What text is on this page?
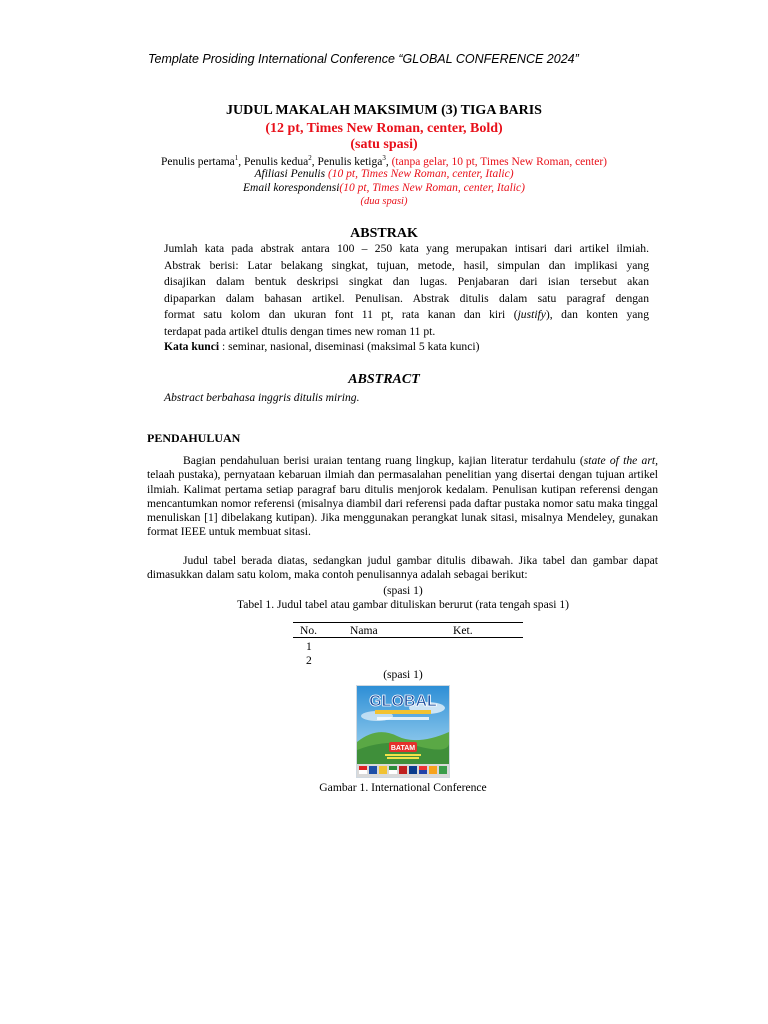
Template Prosiding International Conference “GLOBAL CONFERENCE 2024”
JUDUL MAKALAH MAKSIMUM (3) TIGA BARIS
(12 pt, Times New Roman, center, Bold)
(satu spasi)
Penulis pertama$^1$, Penulis kedua$^2$, Penulis ketiga$^3$, (tanpa gelar, 10 pt, Times New Roman, center)
Afiliasi Penulis (10 pt, Times New Roman, center, Italic)
Email korespondensi(10 pt, Times New Roman, center, Italic)
(dua spasi)
ABSTRAK
Jumlah kata pada abstrak antara 100 – 250 kata yang merupakan intisari dari artikel ilmiah.
Abstrak berisi: Latar belakang singkat, tujuan, metode, hasil, simpulan dan implikasi yang
disajikan dalam bentuk deskripsi singkat dan lugas. Penjabaran dari isian tersebut akan
dipaparkan dalam bahasan artikel. Penulisan. Abstrak ditulis dalam satu paragraf dengan
format satu kolom dan ukuran font 11 pt, rata kanan dan kiri (justify), dan konten yang
terdapat pada artikel dtulis dengan times new roman 11 pt.
Kata kunci : seminar, nasional, diseminasi (maksimal 5 kata kunci)
ABSTRACT
Abstract berbahasa inggris ditulis miring.
PENDAHULUAN
Bagian pendahuluan berisi uraian tentang ruang lingkup, kajian literatur terdahulu (state of the art, telaah pustaka), pernyataan kebaruan ilmiah dan permasalahan penelitian yang disertai dengan tujuan artikel ilmiah. Kalimat pertama setiap paragraf baru ditulis menjorok kedalam. Penulisan kutipan referensi dengan mencantumkan nomor referensi (misalnya diambil dari referensi pada daftar pustaka nomor satu maka tinggal menuliskan [1] dibelakang kutipan). Jika menggunakan perangkat lunak sitasi, misalnya Mendeley, gunakan format IEEE untuk membuat sitasi.
Judul tabel berada diatas, sedangkan judul gambar ditulis dibawah. Jika tabel dan gambar dapat dimasukkan dalam satu kolom, maka contoh penulisannya adalah sebagai berikut:
(spasi 1)
Tabel 1. Judul tabel atau gambar dituliskan berurut (rata tengah spasi 1)
No.	Nama	Ket.
1
2
(spasi 1)
GLOBAL
BATAM
Gambar 1. International Conference
